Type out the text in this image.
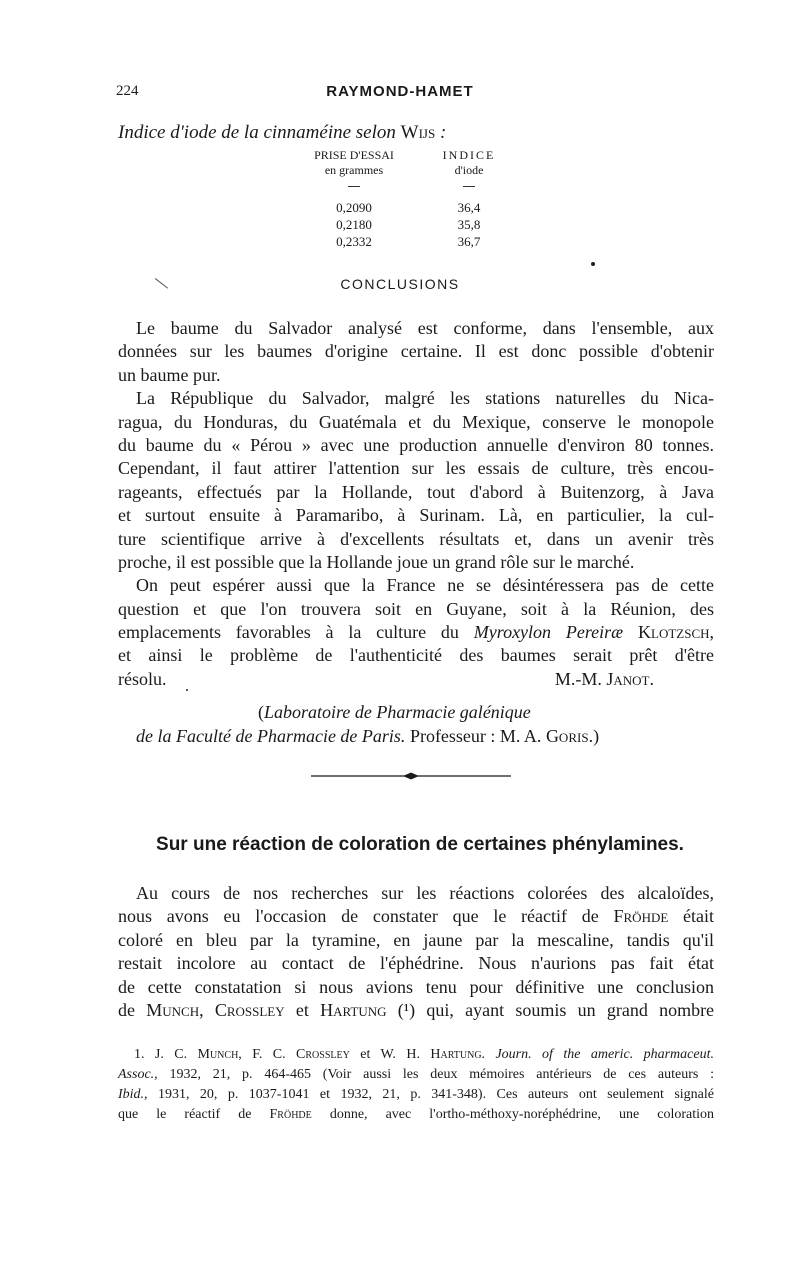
224	RAYMOND-HAMET
Indice d'iode de la cinnaméine selon Wijs :
PRISE D'ESSAI	INDICE
en grammes	d'iode
0,2090	36,4
0,2180	35,8
0,2332	36,7
CONCLUSIONS
Le baume du Salvador analysé est conforme, dans l'ensemble, aux
données sur les baumes d'origine certaine. Il est donc possible d'obtenir
un baume pur.
La République du Salvador, malgré les stations naturelles du Nica-
ragua, du Honduras, du Guatémala et du Mexique, conserve le monopole
du baume du « Pérou » avec une production annuelle d'environ 80 tonnes.
Cependant, il faut attirer l'attention sur les essais de culture, très encou-
rageants, effectués par la Hollande, tout d'abord à Buitenzorg, à Java
et surtout ensuite à Paramaribo, à Surinam. Là, en particulier, la cul-
ture scientifique arrive à d'excellents résultats et, dans un avenir très
proche, il est possible que la Hollande joue un grand rôle sur le marché.
On peut espérer aussi que la France ne se désintéressera pas de cette
question et que l'on trouvera soit en Guyane, soit à la Réunion, des
emplacements favorables à la culture du Myroxylon Pereiræ Klotzsch,
et ainsi le problème de l'authenticité des baumes serait prêt d'être
résolu.	M.-M. Janot.
(Laboratoire de Pharmacie galénique
de la Faculté de Pharmacie de Paris. Professeur : M. A. Goris.)
Sur une réaction de coloration de certaines phénylamines.
Au cours de nos recherches sur les réactions colorées des alcaloïdes,
nous avons eu l'occasion de constater que le réactif de Fröhde était
coloré en bleu par la tyramine, en jaune par la mescaline, tandis qu'il
restait incolore au contact de l'éphédrine. Nous n'aurions pas fait état
de cette constatation si nous avions tenu pour définitive une conclusion
de Munch, Crossley et Hartung (¹) qui, ayant soumis un grand nombre
1. J. C. Munch, F. C. Crossley et W. H. Hartung. Journ. of the americ. pharmaceut.
Assoc., 1932, 21, p. 464-465 (Voir aussi les deux mémoires antérieurs de ces auteurs :
Ibid., 1931, 20, p. 1037-1041 et 1932, 21, p. 341-348). Ces auteurs ont seulement signalé
que le réactif de Fröhde donne, avec l'ortho-méthoxy-noréphédrine, une coloration
